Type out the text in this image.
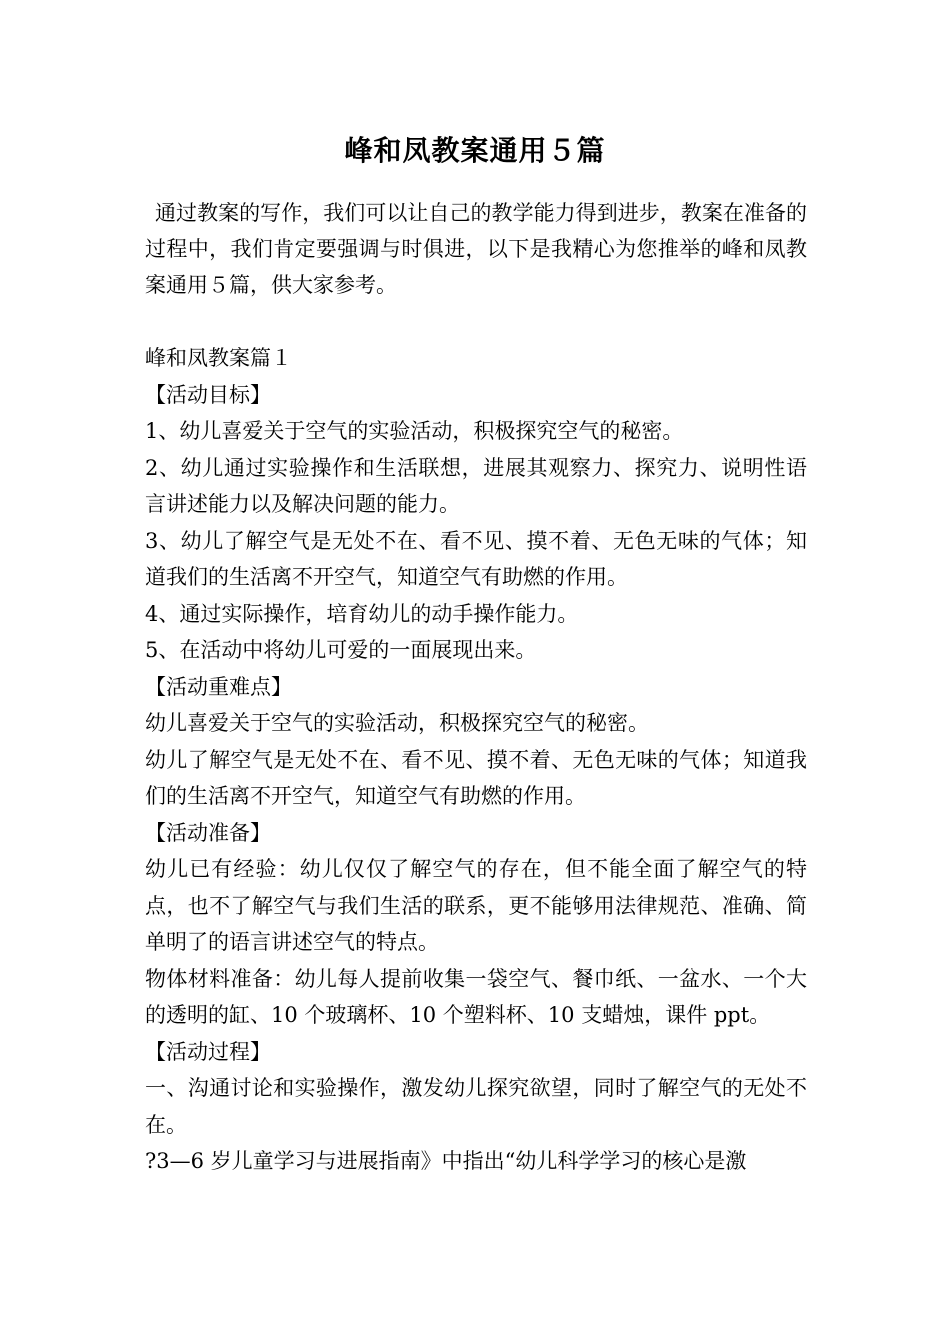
峰和凤教案通用５篇

通过教案的写作，我们可以让自己的教学能力得到进步，教案在准备的过程中，我们肯定要强调与时俱进，以下是我精心为您推举的峰和凤教案通用５篇，供大家参考。

峰和凤教案篇１

【活动目标】

1、幼儿喜爱关于空气的实验活动，积极探究空气的秘密。

2、幼儿通过实验操作和生活联想，进展其观察力、探究力、说明性语言讲述能力以及解决问题的能力。

3、幼儿了解空气是无处不在、看不见、摸不着、无色无味的气体；知道我们的生活离不开空气，知道空气有助燃的作用。

4、通过实际操作，培育幼儿的动手操作能力。

5、在活动中将幼儿可爱的一面展现出来。

【活动重难点】

幼儿喜爱关于空气的实验活动，积极探究空气的秘密。

幼儿了解空气是无处不在、看不见、摸不着、无色无味的气体；知道我们的生活离不开空气，知道空气有助燃的作用。

【活动准备】

幼儿已有经验：幼儿仅仅了解空气的存在，但不能全面了解空气的特点，也不了解空气与我们生活的联系，更不能够用法律规范、准确、简单明了的语言讲述空气的特点。

物体材料准备：幼儿每人提前收集一袋空气、餐巾纸、一盆水、一个大的透明的缸、10 个玻璃杯、10 个塑料杯、10 支蜡烛，课件 ppt。

【活动过程】

一、沟通讨论和实验操作，激发幼儿探究欲望，同时了解空气的无处不在。

?3—6 岁儿童学习与进展指南》中指出“幼儿科学学习的核心是激
